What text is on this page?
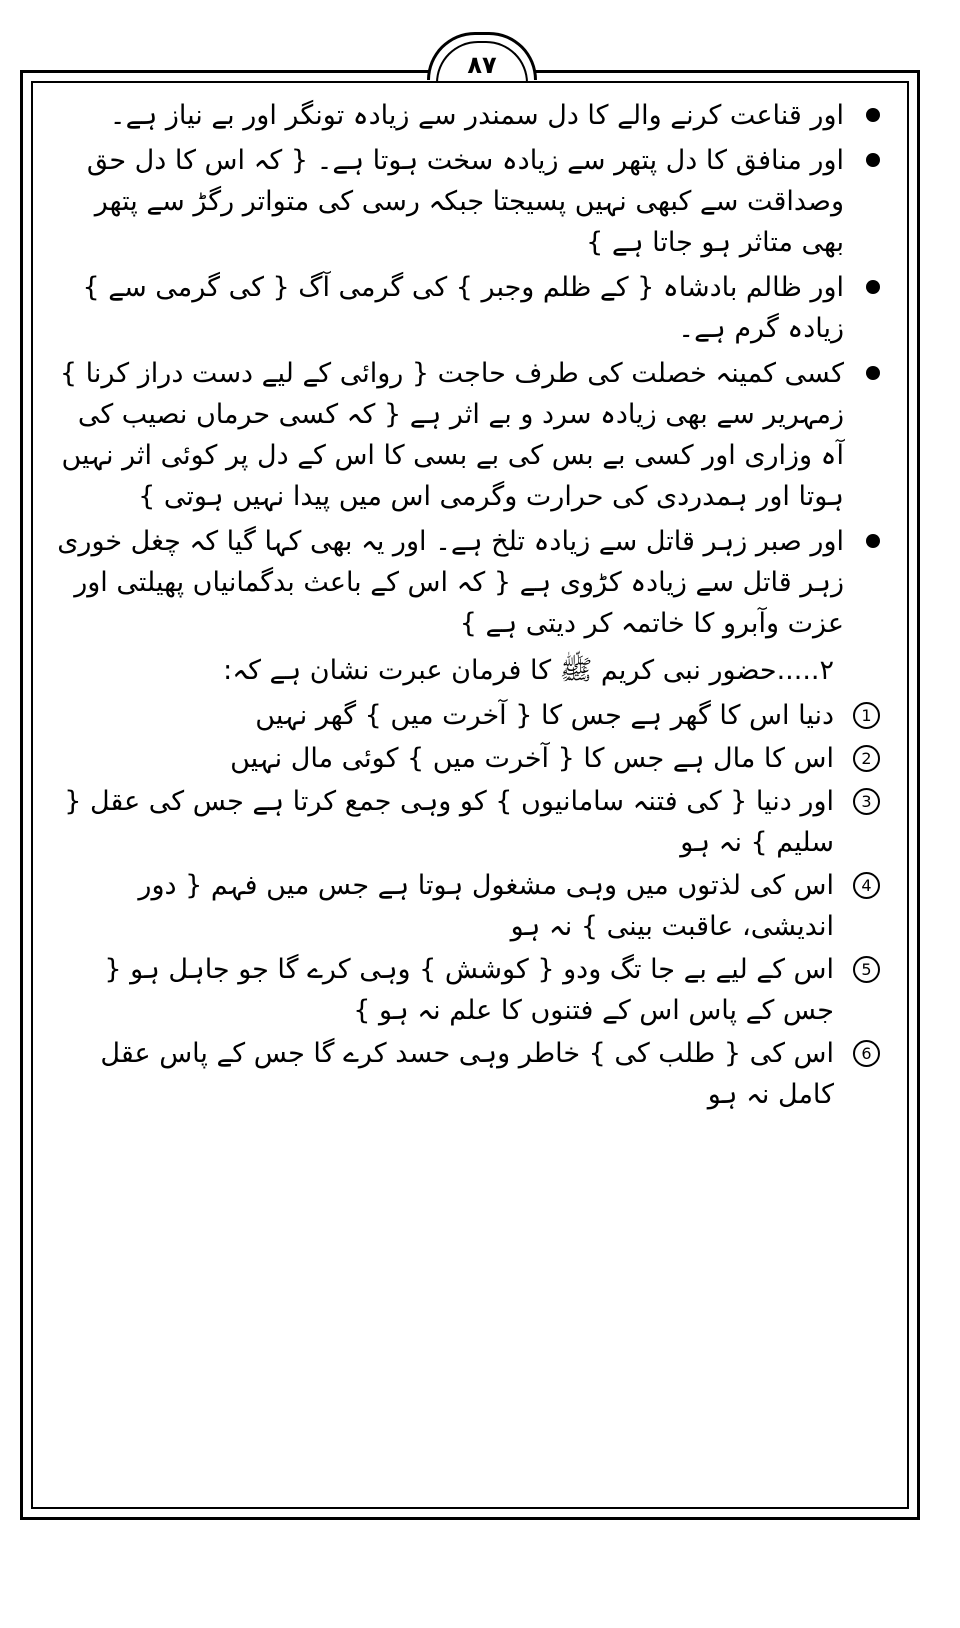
۸۷
اور قناعت کرنے والے کا دل سمندر سے زیادہ تونگر اور بے نیاز ہے۔
اور منافق کا دل پتھر سے زیادہ سخت ہوتا ہے۔ { کہ اس کا دل حق وصداقت سے کبھی نہیں پسیجتا جبکہ رسی کی متواتر رگڑ سے پتھر بھی متاثر ہو جاتا ہے }
اور ظالم بادشاہ { کے ظلم وجبر } کی گرمی آگ { کی گرمی سے } زیادہ گرم ہے۔
کسی کمینہ خصلت کی طرف حاجت { روائی کے لیے دست دراز کرنا } زمہریر سے بھی زیادہ سرد و بے اثر ہے { کہ کسی حرماں نصیب کی آہ وزاری اور کسی بے بس کی بے بسی کا اس کے دل پر کوئی اثر نہیں ہوتا اور ہمدردی کی حرارت وگرمی اس میں پیدا نہیں ہوتی }
اور صبر زہر قاتل سے زیادہ تلخ ہے۔ اور یہ بھی کہا گیا کہ چغل خوری زہر قاتل سے زیادہ کڑوی ہے { کہ اس کے باعث بدگمانیاں پھیلتی اور عزت وآبرو کا خاتمہ کر دیتی ہے }
۲.....حضور نبی کریم ﷺ کا فرمان عبرت نشان ہے کہ:
1
دنیا اس کا گھر ہے جس کا { آخرت میں } گھر نہیں
2
اس کا مال ہے جس کا { آخرت میں } کوئی مال نہیں
3
اور دنیا { کی فتنہ سامانیوں } کو وہی جمع کرتا ہے جس کی عقل { سلیم } نہ ہو
4
اس کی لذتوں میں وہی مشغول ہوتا ہے جس میں فہم { دور اندیشی، عاقبت بینی } نہ ہو
5
اس کے لیے بے جا تگ ودو { کوشش } وہی کرے گا جو جاہل ہو { جس کے پاس اس کے فتنوں کا علم نہ ہو }
6
اس کی { طلب کی } خاطر وہی حسد کرے گا جس کے پاس عقل کامل نہ ہو
